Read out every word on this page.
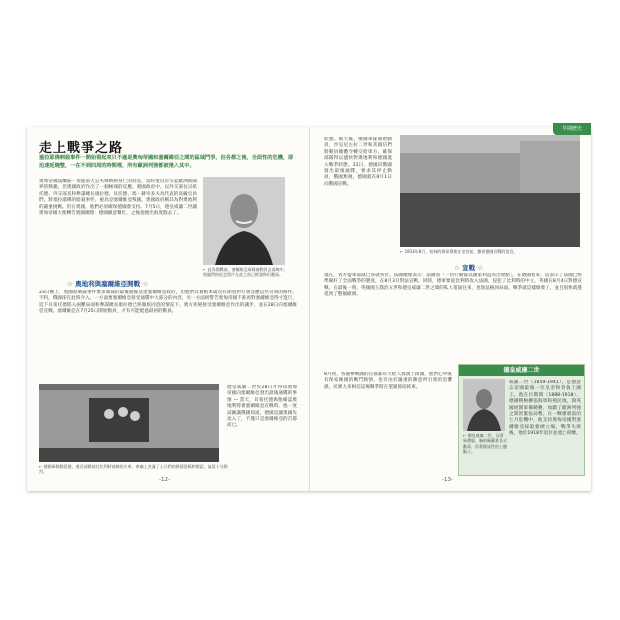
走上戰爭之路
塞拉耶佛刺殺事件一開始看起來只不過是奧匈帝國和塞爾維亞之間的區域鬥爭，但各都之後，全面性的危機，卻迅速延燒整，一在不到四周的時間裡，所有歐洲列強都被捲入其中。
奧匈帝國法蘭茲・斐迪南大公夫婦被刺身亡的消息，當時並沒有引起歐洲新聞界的興趣，但奧國政府作出了一個極端的反應。奧國政府中，以外交部長貝希托德、外交部長和參謀總長康拉德、貝托德、馮・赫岑多夫為代表的高級官員們，將塞拉耶佛的暗殺事件，視為是塞爾維亞叛國，奧國政府稱其為對奧地利的嚴重挑戰。但在奧國，他們必須確保德國會支持。7月5日，德皇威廉二世讓奧匈帝國大使轉告奧國總理：德國願意幫忙，之後他便出海度假去了。
← 此為開戰前，塞爾維亞軍隊被動員去前線中，相處們的紀念照片在此之前已經發佈但應屆。
☆ 奧地利與塞爾維亞開戰 ☆
23日晚上，奧國將刺殺事件要求制裁的最後通牒送達塞爾維亞政府，但他們其實根本就沒有期望對方會答應這些苛刻的條件。不料，俄國卻在此時介入，一方面要塞爾維亞接受通牒中大部分的內容，另一方面則警告奧匈帝國不准再對塞爾維亞得寸進尺，這下貝希托德陷入兩難局面和參謀總長康拉德已經徹底同意的情況下，奧方拒絕接受塞爾維亞作出的讓步，並在28日向塞爾維亞宣戰。塞爾維亞在7月25日開始動員，才有可能挺過最初的動員。
← 德國軍隊動員後，運送部隊前往比利時前線的火車，車廂上充滿了士兵們的熱情塗鴉和標語，氣氛十分熱烈。
德皇威廉二世於28日才得知奧匈帝國向塞爾維亞發出最後通牒的事情 — 當天，貝希托德與他確認奧地利將會塞爾維亞宣戰時，他一度試圖讓俄國知道，德國是讓奧國先攻入了，不僅只是塞爾維亞的首都而已。
-12-
早期歷史
狀態。兩天後，俄國軍隊開始動員，沙皇尼古拉二世和其親信們將動員總體令轉交給軍方，確保部隊得以儘快對奧地利和德國進入戰爭狀態。31日，德國向俄國發出最後通牒，要求其停止動員，俄國無視，德國就在8月1日向俄國宣戰。
← 1914年8月，柏林的群眾聚集在皇宮前，慶祝德國宣戰的消息。
☆ 宣戰 ☆
現在，各方盟軍部隊已各就各位。法國總理表示：法國將「一切行動都以國家利益為出發點」。在德國看來，這表示了法國已經準備好了全面戰爭的態度，在8月3日對法宣戰。同時，德軍要從比利時攻入法國，侵犯了比利時的中立，英國在8月4日對德宣戰。在最後一刻，英國國王喬治五世和德皇威廉二世之間的私人電報往來，也無法挽回局面。戰爭就這樣爆發了，並且很快就蔓延到了整個歐洲。
8月初，各個參戰國的首都都有大批人群湧上街頭，他們心中既有保家衛國的戰鬥熱情，也有由於嚴重的敵意所引發的恐懼感，民眾大多相信這場戰爭將在聖誕節前結束。
德皇威廉二世
← 德皇威廉二世，穿著軍禮服，胸前佩戴著各式勳章，留著標誌性的上翹鬍子。
威廉二世（1859-1941），是德意志帝國最後一位皇帝和普魯士國王。他在位期間（1888-1918），德國積極擴張海軍和殖民地，與英國展開軍備競賽，加劇了歐洲列強之間的緊張局勢。在一戰爆發前的七月危機中，他支持奧匈帝國對塞爾維亞採取強硬立場。戰爭失敗後，他於1918年退位並流亡荷蘭。
-13-
